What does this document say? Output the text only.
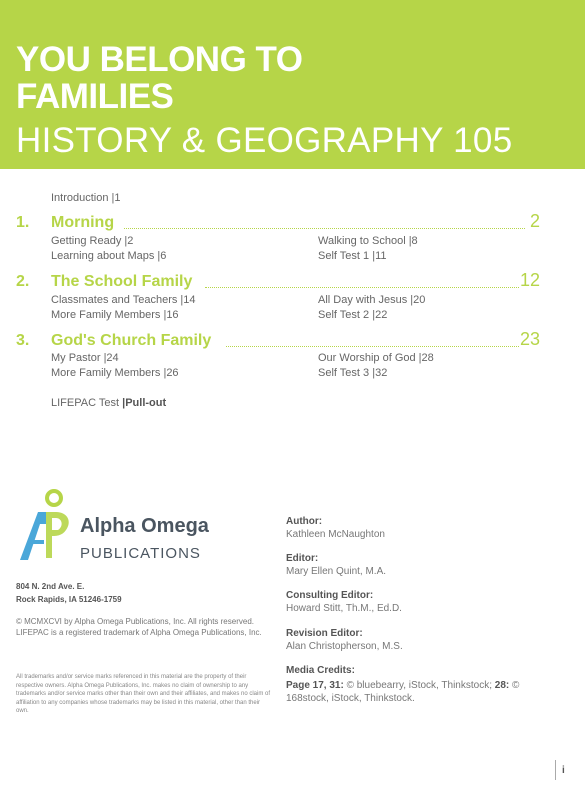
YOU BELONG TO
FAMILIES
HISTORY & GEOGRAPHY 105
Introduction |1
1. Morning	2
Getting Ready |2
Learning about Maps |6
Walking to School |8
Self Test 1 |11
2. The School Family	12
Classmates and Teachers |14
More Family Members |16
All Day with Jesus |20
Self Test 2 |22
3. God's Church Family	23
My Pastor |24
More Family Members |26
Our Worship of God |28
Self Test 3 |32
LIFEPAC Test |Pull-out
Alpha Omega
PUBLICATIONS
804 N. 2nd Ave. E.
Rock Rapids, IA 51246-1759
© MCMXCVI by Alpha Omega Publications, Inc. All rights reserved. LIFEPAC is a registered trademark of Alpha Omega Publications, Inc.
All trademarks and/or service marks referenced in this material are the property of their respective owners. Alpha Omega Publications, Inc. makes no claim of ownership to any trademarks and/or service marks other than their own and their affiliates, and makes no claim of affiliation to any companies whose trademarks may be listed in this material, other than their own.
Author:
Kathleen McNaughton
Editor:
Mary Ellen Quint, M.A.
Consulting Editor:
Howard Stitt, Th.M., Ed.D.
Revision Editor:
Alan Christopherson, M.S.
Media Credits:
Page 17, 31: © bluebearry, iStock, Thinkstock; 28: © 168stock, iStock, Thinkstock.
i
